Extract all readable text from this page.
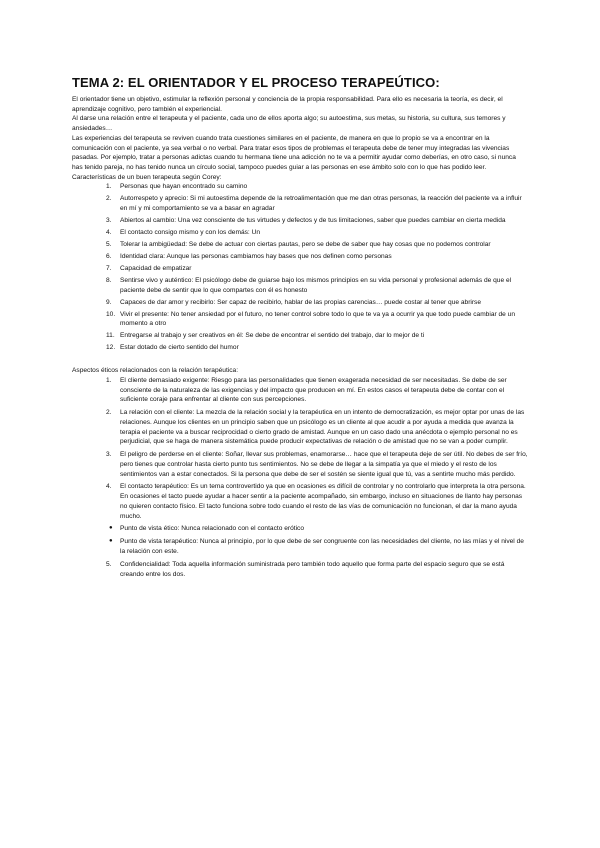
TEMA 2: EL ORIENTADOR Y EL PROCESO TERAPEÚTICO:

El orientador tiene un objetivo, estimular la reflexión personal y conciencia de la propia responsabilidad. Para ello es necesaria la teoría, es decir, el aprendizaje cognitivo, pero también el experiencial.

Al darse una relación entre el terapeuta y el paciente, cada uno de ellos aporta algo; su autoestima, sus metas, su historia, su cultura, sus temores y ansiedades…

Las experiencias del terapeuta se reviven cuando trata cuestiones similares en el paciente, de manera en que lo propio se va a encontrar en la comunicación con el paciente, ya sea verbal o no verbal. Para tratar esos tipos de problemas el terapeuta debe de tener muy integradas las vivencias pasadas. Por ejemplo, tratar a personas adictas cuando tu hermana tiene una adicción no te va a permitir ayudar como deberías, en otro caso, si nunca has tenido pareja, no has tenido nunca un círculo social, tampoco puedes guiar a las personas en ese ámbito solo con lo que has podido leer.

Características de un buen terapeuta según Corey:

1.	Personas que hayan encontrado su camino
2.	Autorrespeto y aprecio: Si mi autoestima depende de la retroalimentación que me dan otras personas, la reacción del paciente va a influir en mí y mi comportamiento se va a basar en agradar
3.	Abiertos al cambio: Una vez consciente de tus virtudes y defectos y de tus limitaciones, saber que puedes cambiar en cierta medida
4.	El contacto consigo mismo y con los demás: Un
5.	Tolerar la ambigüedad: Se debe de actuar con ciertas pautas, pero se debe de saber que hay cosas que no podemos controlar
6.	Identidad clara: Aunque las personas cambiamos hay bases que nos definen como personas
7.	Capacidad de empatizar
8.	Sentirse vivo y auténtico: El psicólogo debe de guiarse bajo los mismos principios en su vida personal y profesional además de que el paciente debe de sentir que lo que compartes con él es honesto
9.	Capaces de dar amor y recibirlo: Ser capaz de recibirlo, hablar de las propias carencias… puede costar al tener que abrirse
10. Vivir el presente: No tener ansiedad por el futuro, no tener control sobre todo lo que te va ya a ocurrir ya que todo puede cambiar de un momento a otro
11. Entregarse al trabajo y ser creativos en él: Se debe de encontrar el sentido del trabajo, dar lo mejor de ti
12. Estar dotado de cierto sentido del humor

Aspectos éticos relacionados con la relación terapéutica:

1.	El cliente demasiado exigente: Riesgo para las personalidades que tienen exagerada necesidad de ser necesitadas. Se debe de ser consciente de la naturaleza de las exigencias y del impacto que producen en mí. En estos casos el terapeuta debe de contar con el suficiente coraje para enfrentar al cliente con sus percepciones.
2.	La relación con el cliente: La mezcla de la relación social y la terapéutica en un intento de democratización, es mejor optar por unas de las relaciones. Aunque los clientes en un principio saben que un psicólogo es un cliente al que acudir a por ayuda a medida que avanza la terapia el paciente va a buscar reciprocidad o cierto grado de amistad. Aunque en un caso dado una anécdota o ejemplo personal no es perjudicial, que se haga de manera sistemática puede producir expectativas de relación o de amistad que no se van a poder cumplir.
3.	El peligro de perderse en el cliente: Soñar, llevar sus problemas, enamorarse… hace que el terapeuta deje de ser útil. No debes de ser frío, pero tienes que controlar hasta cierto punto tus sentimientos. No se debe de llegar a la simpatía ya que el miedo y el resto de los sentimientos van a estar conectados. Si la persona que debe de ser el sostén se siente igual que tú, vas a sentirte mucho más perdido.
4.	El contacto terapéutico: Es un tema controvertido ya que en ocasiones es difícil de controlar y no controlarlo que interpreta la otra persona. En ocasiones el tacto puede ayudar a hacer sentir a la paciente acompañado, sin embargo, incluso en situaciones de llanto hay personas no quieren contacto físico. El tacto funciona sobre todo cuando el resto de las vías de comunicación no funcionan, el dar la mano ayuda mucho.
●	Punto de vista ético: Nunca relacionado con el contacto erótico
●	Punto de vista terapéutico: Nunca al principio, por lo que debe de ser congruente con las necesidades del cliente, no las mías y el nivel de la relación con este.
5.	Confidencialidad: Toda aquella información suministrada pero también todo aquello que forma parte del espacio seguro que se está creando entre los dos.
